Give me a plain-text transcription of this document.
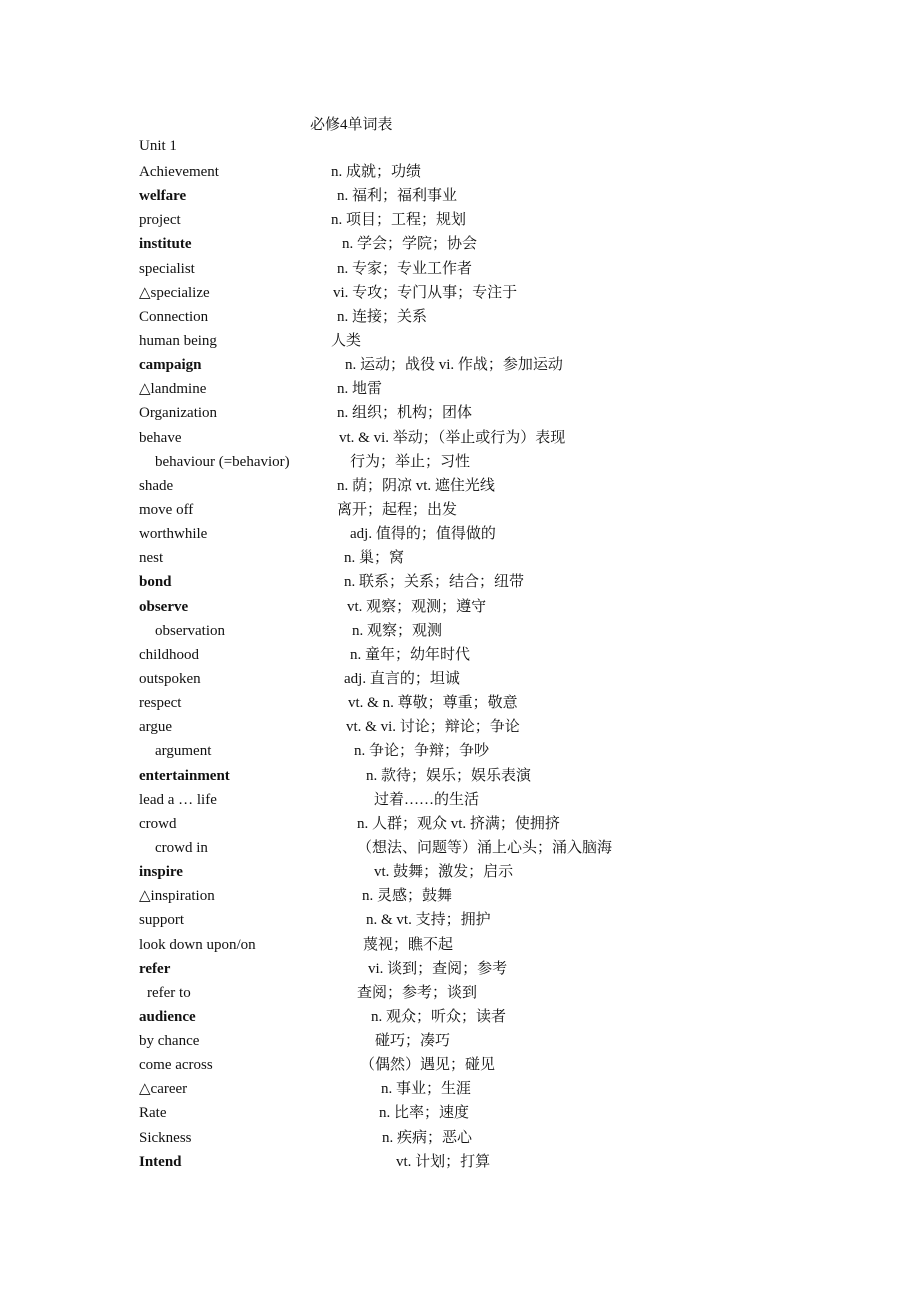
必修4单词表
Unit 1
Achievement	n. 成就；功绩
welfare	n. 福利；福利事业
project	n. 项目；工程；规划
institute	n. 学会；学院；协会
specialist	n. 专家；专业工作者
△specialize	vi. 专攻；专门从事；专注于
Connection	n. 连接；关系
human being	人类
campaign	n. 运动；战役 vi. 作战；参加运动
△landmine	n. 地雷
Organization	n. 组织；机构；团体
behave	vt. & vi. 举动；（举止或行为）表现
behaviour (=behavior)	行为；举止；习性
shade	n. 荫；阴凉 vt. 遮住光线
move off	离开；起程；出发
worthwhile	adj. 值得的；值得做的
nest	n. 巢；窝
bond	n. 联系；关系；结合；纽带
observe	vt. 观察；观测；遵守
observation	n. 观察；观测
childhood	n. 童年；幼年时代
outspoken	adj. 直言的；坦诚
respect	vt. & n. 尊敬；尊重；敬意
argue	vt. & vi. 讨论；辩论；争论
argument	n. 争论；争辩；争吵
entertainment	n. 款待；娱乐；娱乐表演
lead a … life	过着……的生活
crowd	n. 人群；观众 vt. 挤满；使拥挤
crowd in	（想法、问题等）涌上心头；涌入脑海
inspire	vt. 鼓舞；激发；启示
△inspiration	n. 灵感；鼓舞
support	n. & vt. 支持；拥护
look down upon/on	蔑视；瞧不起
refer	vi. 谈到；查阅；参考
refer to	查阅；参考；谈到
audience	n. 观众；听众；读者
by chance	碰巧；凑巧
come across	（偶然）遇见；碰见
△career	n. 事业；生涯
Rate	n. 比率；速度
Sickness	n. 疾病；恶心
Intend	vt. 计划；打算
